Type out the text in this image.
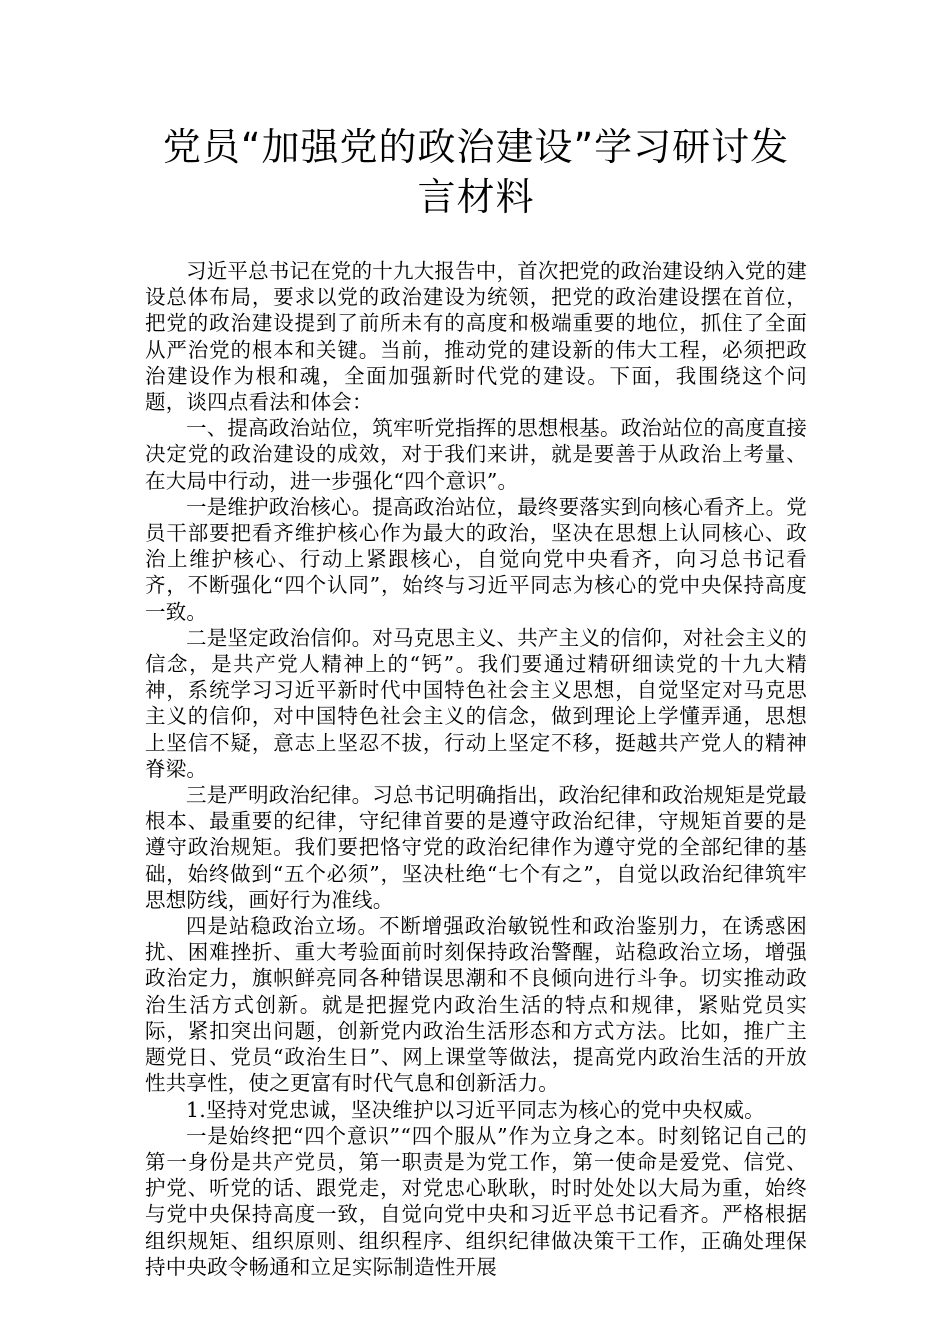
党员“加强党的政治建设”学习研讨发言材料

习近平总书记在党的十九大报告中，首次把党的政治建设纳入党的建设总体布局，要求以党的政治建设为统领，把党的政治建设摆在首位，把党的政治建设提到了前所未有的高度和极端重要的地位，抓住了全面从严治党的根本和关键。当前，推动党的建设新的伟大工程，必须把政治建设作为根和魂，全面加强新时代党的建设。下面，我围绕这个问题，谈四点看法和体会：

一、提高政治站位，筑牢听党指挥的思想根基。政治站位的高度直接决定党的政治建设的成效，对于我们来讲，就是要善于从政治上考量、在大局中行动，进一步强化“四个意识”。

一是维护政治核心。提高政治站位，最终要落实到向核心看齐上。党员干部要把看齐维护核心作为最大的政治，坚决在思想上认同核心、政治上维护核心、行动上紧跟核心，自觉向党中央看齐，向习总书记看齐，不断强化“四个认同”，始终与习近平同志为核心的党中央保持高度一致。

二是坚定政治信仰。对马克思主义、共产主义的信仰，对社会主义的信念，是共产党人精神上的“钙”。我们要通过精研细读党的十九大精神，系统学习习近平新时代中国特色社会主义思想，自觉坚定对马克思主义的信仰，对中国特色社会主义的信念，做到理论上学懂弄通，思想上坚信不疑，意志上坚忍不拔，行动上坚定不移，挺越共产党人的精神脊梁。

三是严明政治纪律。习总书记明确指出，政治纪律和政治规矩是党最根本、最重要的纪律，守纪律首要的是遵守政治纪律，守规矩首要的是遵守政治规矩。我们要把恪守党的政治纪律作为遵守党的全部纪律的基础，始终做到“五个必须”，坚决杜绝“七个有之”，自觉以政治纪律筑牢思想防线，画好行为准线。

四是站稳政治立场。不断增强政治敏锐性和政治鉴别力，在诱惑困扰、困难挫折、重大考验面前时刻保持政治警醒，站稳政治立场，增强政治定力，旗帜鲜亮同各种错误思潮和不良倾向进行斗争。切实推动政治生活方式创新。就是把握党内政治生活的特点和规律，紧贴党员实际，紧扣突出问题，创新党内政治生活形态和方式方法。比如，推广主题党日、党员“政治生日”、网上课堂等做法，提高党内政治生活的开放性共享性，使之更富有时代气息和创新活力。

1.坚持对党忠诚，坚决维护以习近平同志为核心的党中央权威。

一是始终把“四个意识”“四个服从”作为立身之本。时刻铭记自己的第一身份是共产党员，第一职责是为党工作，第一使命是爱党、信党、护党、听党的话、跟党走，对党忠心耿耿，时时处处以大局为重，始终与党中央保持高度一致，自觉向党中央和习近平总书记看齐。严格根据组织规矩、组织原则、组织程序、组织纪律做决策干工作，正确处理保持中央政令畅通和立足实际制造性开展
